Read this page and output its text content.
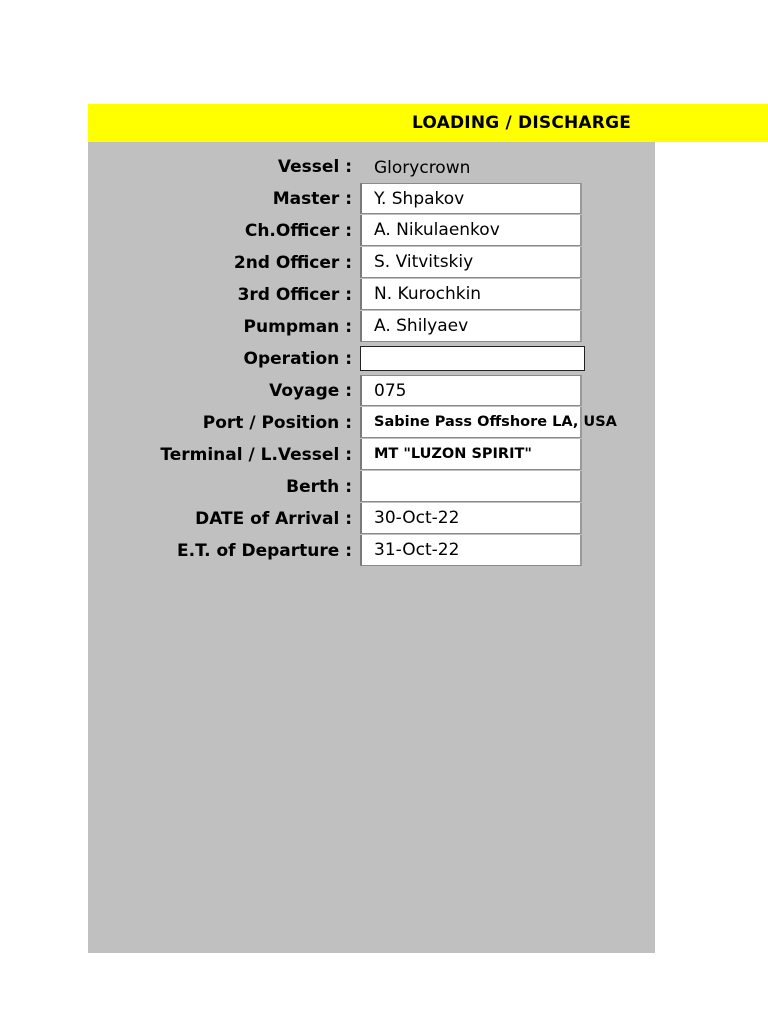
LOADING / DISCHARGE
Vessel : Glorycrown
Master : Y. Shpakov
Ch.Officer : A. Nikulaenkov
2nd Officer : S. Vitvitskiy
3rd Officer : N. Kurochkin
Pumpman : A. Shilyaev
Operation :
Voyage : 075
Port / Position : Sabine Pass Offshore LA, USA
Terminal / L.Vessel : MT "LUZON SPIRIT"
Berth :
DATE of Arrival : 30-Oct-22
E.T. of Departure : 31-Oct-22
